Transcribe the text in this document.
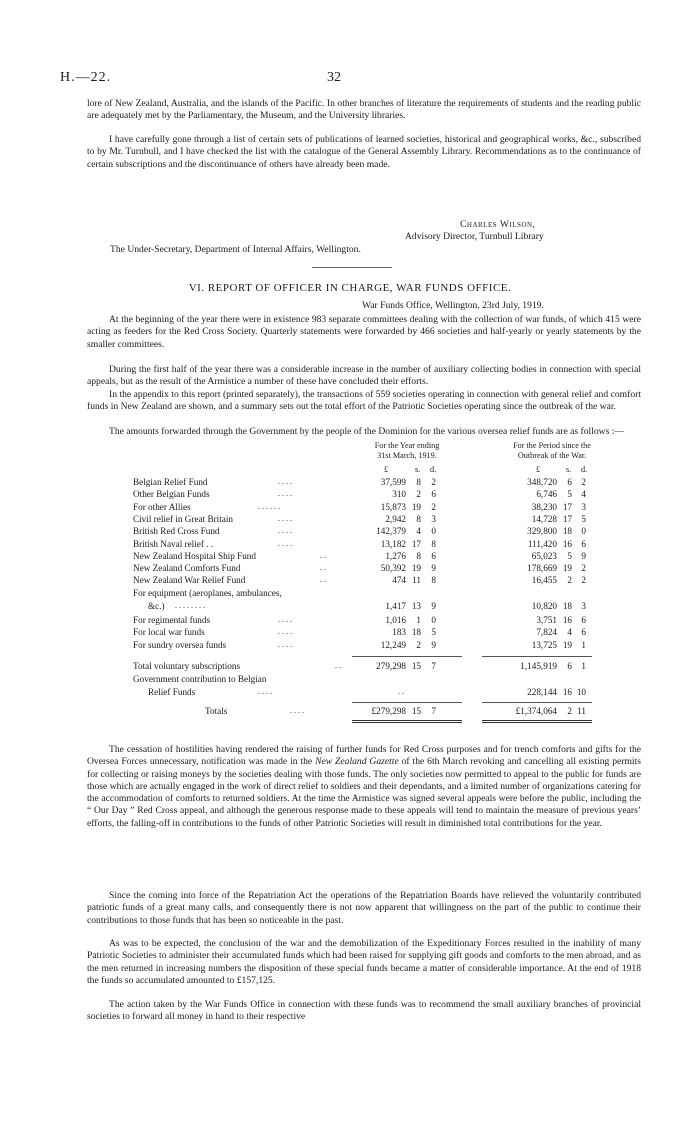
H.—22.	32
lore of New Zealand, Australia, and the islands of the Pacific. In other branches of literature the requirements of students and the reading public are adequately met by the Parliamentary, the Museum, and the University libraries.
I have carefully gone through a list of certain sets of publications of learned societies, historical and geographical works, &c., subscribed to by Mr. Turnbull, and I have checked the list with the catalogue of the General Assembly Library. Recommendations as to the continuance of certain subscriptions and the discontinuance of others have already been made.
Charles Wilson,
Advisory Director, Turnbull Library
The Under-Secretary, Department of Internal Affairs, Wellington.
VI. REPORT OF OFFICER IN CHARGE, WAR FUNDS OFFICE.
War Funds Office, Wellington, 23rd July, 1919.
At the beginning of the year there were in existence 983 separate committees dealing with the collection of war funds, of which 415 were acting as feeders for the Red Cross Society. Quarterly statements were forwarded by 466 societies and half-yearly or yearly statements by the smaller committees.
During the first half of the year there was a considerable increase in the number of auxiliary collecting bodies in connection with special appeals, but as the result of the Armistice a number of these have concluded their efforts.
In the appendix to this report (printed separately), the transactions of 559 societies operating in connection with general relief and comfort funds in New Zealand are shown, and a summary sets out the total effort of the Patriotic Societies operating since the outbreak of the war.
The amounts forwarded through the Government by the people of the Dominion for the various oversea relief funds are as follows :—
For the Year ending
31st March, 1919.
For the Period since the
Outbreak of the War.
£	s. d.	£	s. d.
Belgian Relief Fund	. . . .	37,599 8 2	348,720 6 2
Other Belgian Funds	. . . .	310 2 6	6,746 5 4
For other Allies	. . . . . .	15,873 19 2	38,230 17 3
Civil relief in Great Britain	. . . .	2,942 8 3	14,728 17 5
British Red Cross Fund	. . . .	142,379 4 0	329,800 18 0
British Naval relief . .	. . . .	13,182 17 8	111,420 16 6
New Zealand Hospital Ship Fund	. .	1,276 8 6	65,023 5 9
New Zealand Comforts Fund	. .	50,392 19 9	178,669 19 2
New Zealand War Relief Fund	. .	474 11 8	16,455 2 2
For equipment (aeroplanes, ambulances,
&c.) . . . . . . . .	1,417 13 9	10,820 18 3
For regimental funds	. . . .	1,016 1 0	3,751 16 6
For local war funds	. . . .	183 18 5	7,824 4 6
For sundry oversea funds	. . . .	12,249 2 9	13,725 19 1
Total voluntary subscriptions	. .	279,298 15 7	1,145,919 6 1
Government contribution to Belgian
Relief Funds	. . . .	. .	228,144 16 10
Totals	. . . .	£279,298 15 7	£1,374,064 2 11
The cessation of hostilities having rendered the raising of further funds for Red Cross purposes and for trench comforts and gifts for the Oversea Forces unnecessary, notification was made in the New Zealand Gazette of the 6th March revoking and cancelling all existing permits for collecting or raising moneys by the societies dealing with those funds. The only societies now permitted to appeal to the public for funds are those which are actually engaged in the work of direct relief to soldiers and their dependants, and a limited number of organizations catering for the accommodation of comforts to returned soldiers. At the time the Armistice was signed several appeals were before the public, including the “ Our Day ” Red Cross appeal, and although the generous response made to these appeals will tend to maintain the measure of previous years’ efforts, the falling-off in contributions to the funds of other Patriotic Societies will result in diminished total contributions for the year.
Since the coming into force of the Repatriation Act the operations of the Repatriation Boards have relieved the voluntarily contributed patriotic funds of a great many calls, and consequently there is not now apparent that willingness on the part of the public to continue their contributions to those funds that has been so noticeable in the past.
As was to be expected, the conclusion of the war and the demobilization of the Expeditionary Forces resulted in the inability of many Patriotic Societies to administer their accumulated funds which had been raised for supplying gift goods and comforts to the men abroad, and as the men returned in increasing numbers the disposition of these special funds became a matter of considerable importance. At the end of 1918 the funds so accumulated amounted to £157,125.
The action taken by the War Funds Office in connection with these funds was to recommend the small auxiliary branches of provincial societies to forward all money in hand to their respective
